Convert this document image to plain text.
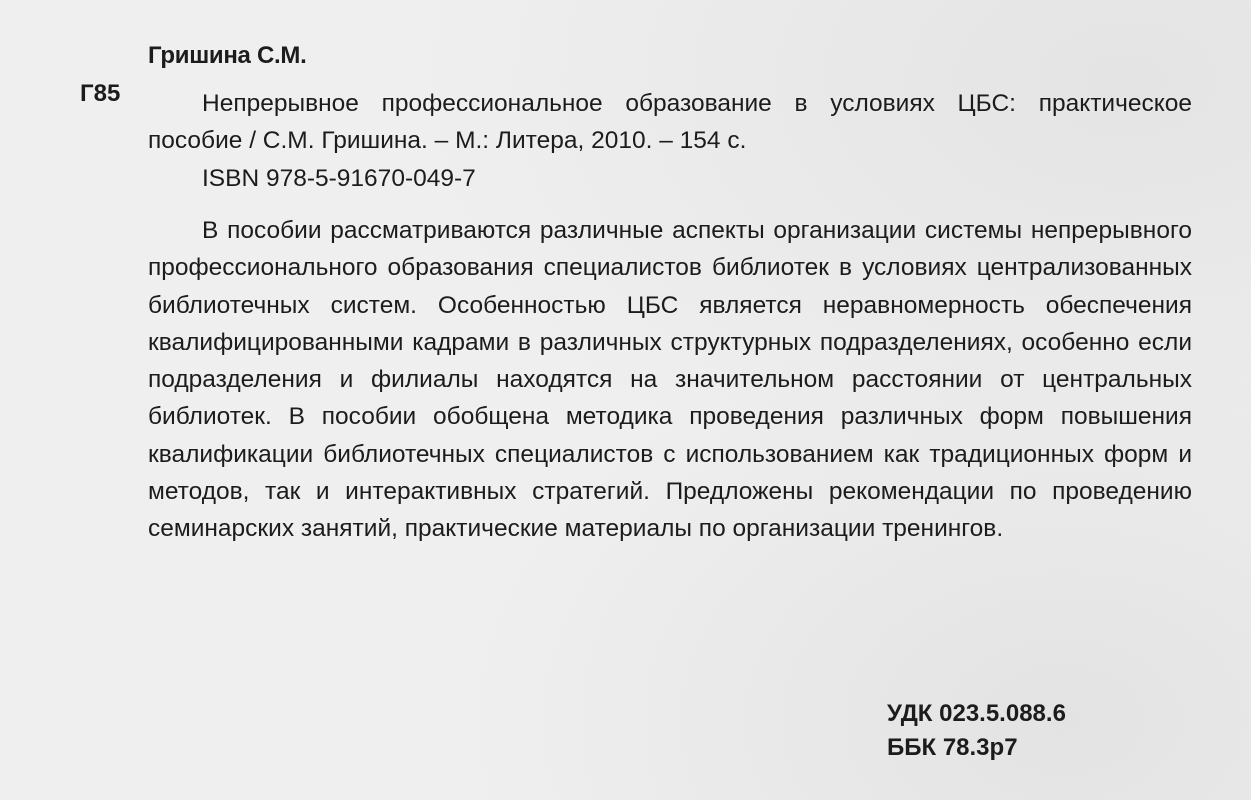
Гришина С.М.
Г85	Непрерывное профессиональное образование в условиях ЦБС: практическое пособие / С.М. Гришина. – М.: Литера, 2010. – 154 с.
ISBN 978-5-91670-049-7
В пособии рассматриваются различные аспекты организации системы непрерывного профессионального образования специалистов библиотек в условиях централизованных библиотечных систем. Особенностью ЦБС является неравномерность обеспечения квалифицированными кадрами в различных структурных подразделениях, особенно если подразделения и филиалы находятся на значительном расстоянии от центральных библиотек. В пособии обобщена методика проведения различных форм повышения квалификации библиотечных специалистов с использованием как традиционных форм и методов, так и интерактивных стратегий. Предложены рекомендации по проведению семинарских занятий, практические материалы по организации тренингов.
УДК 023.5.088.6
ББК 78.3р7
